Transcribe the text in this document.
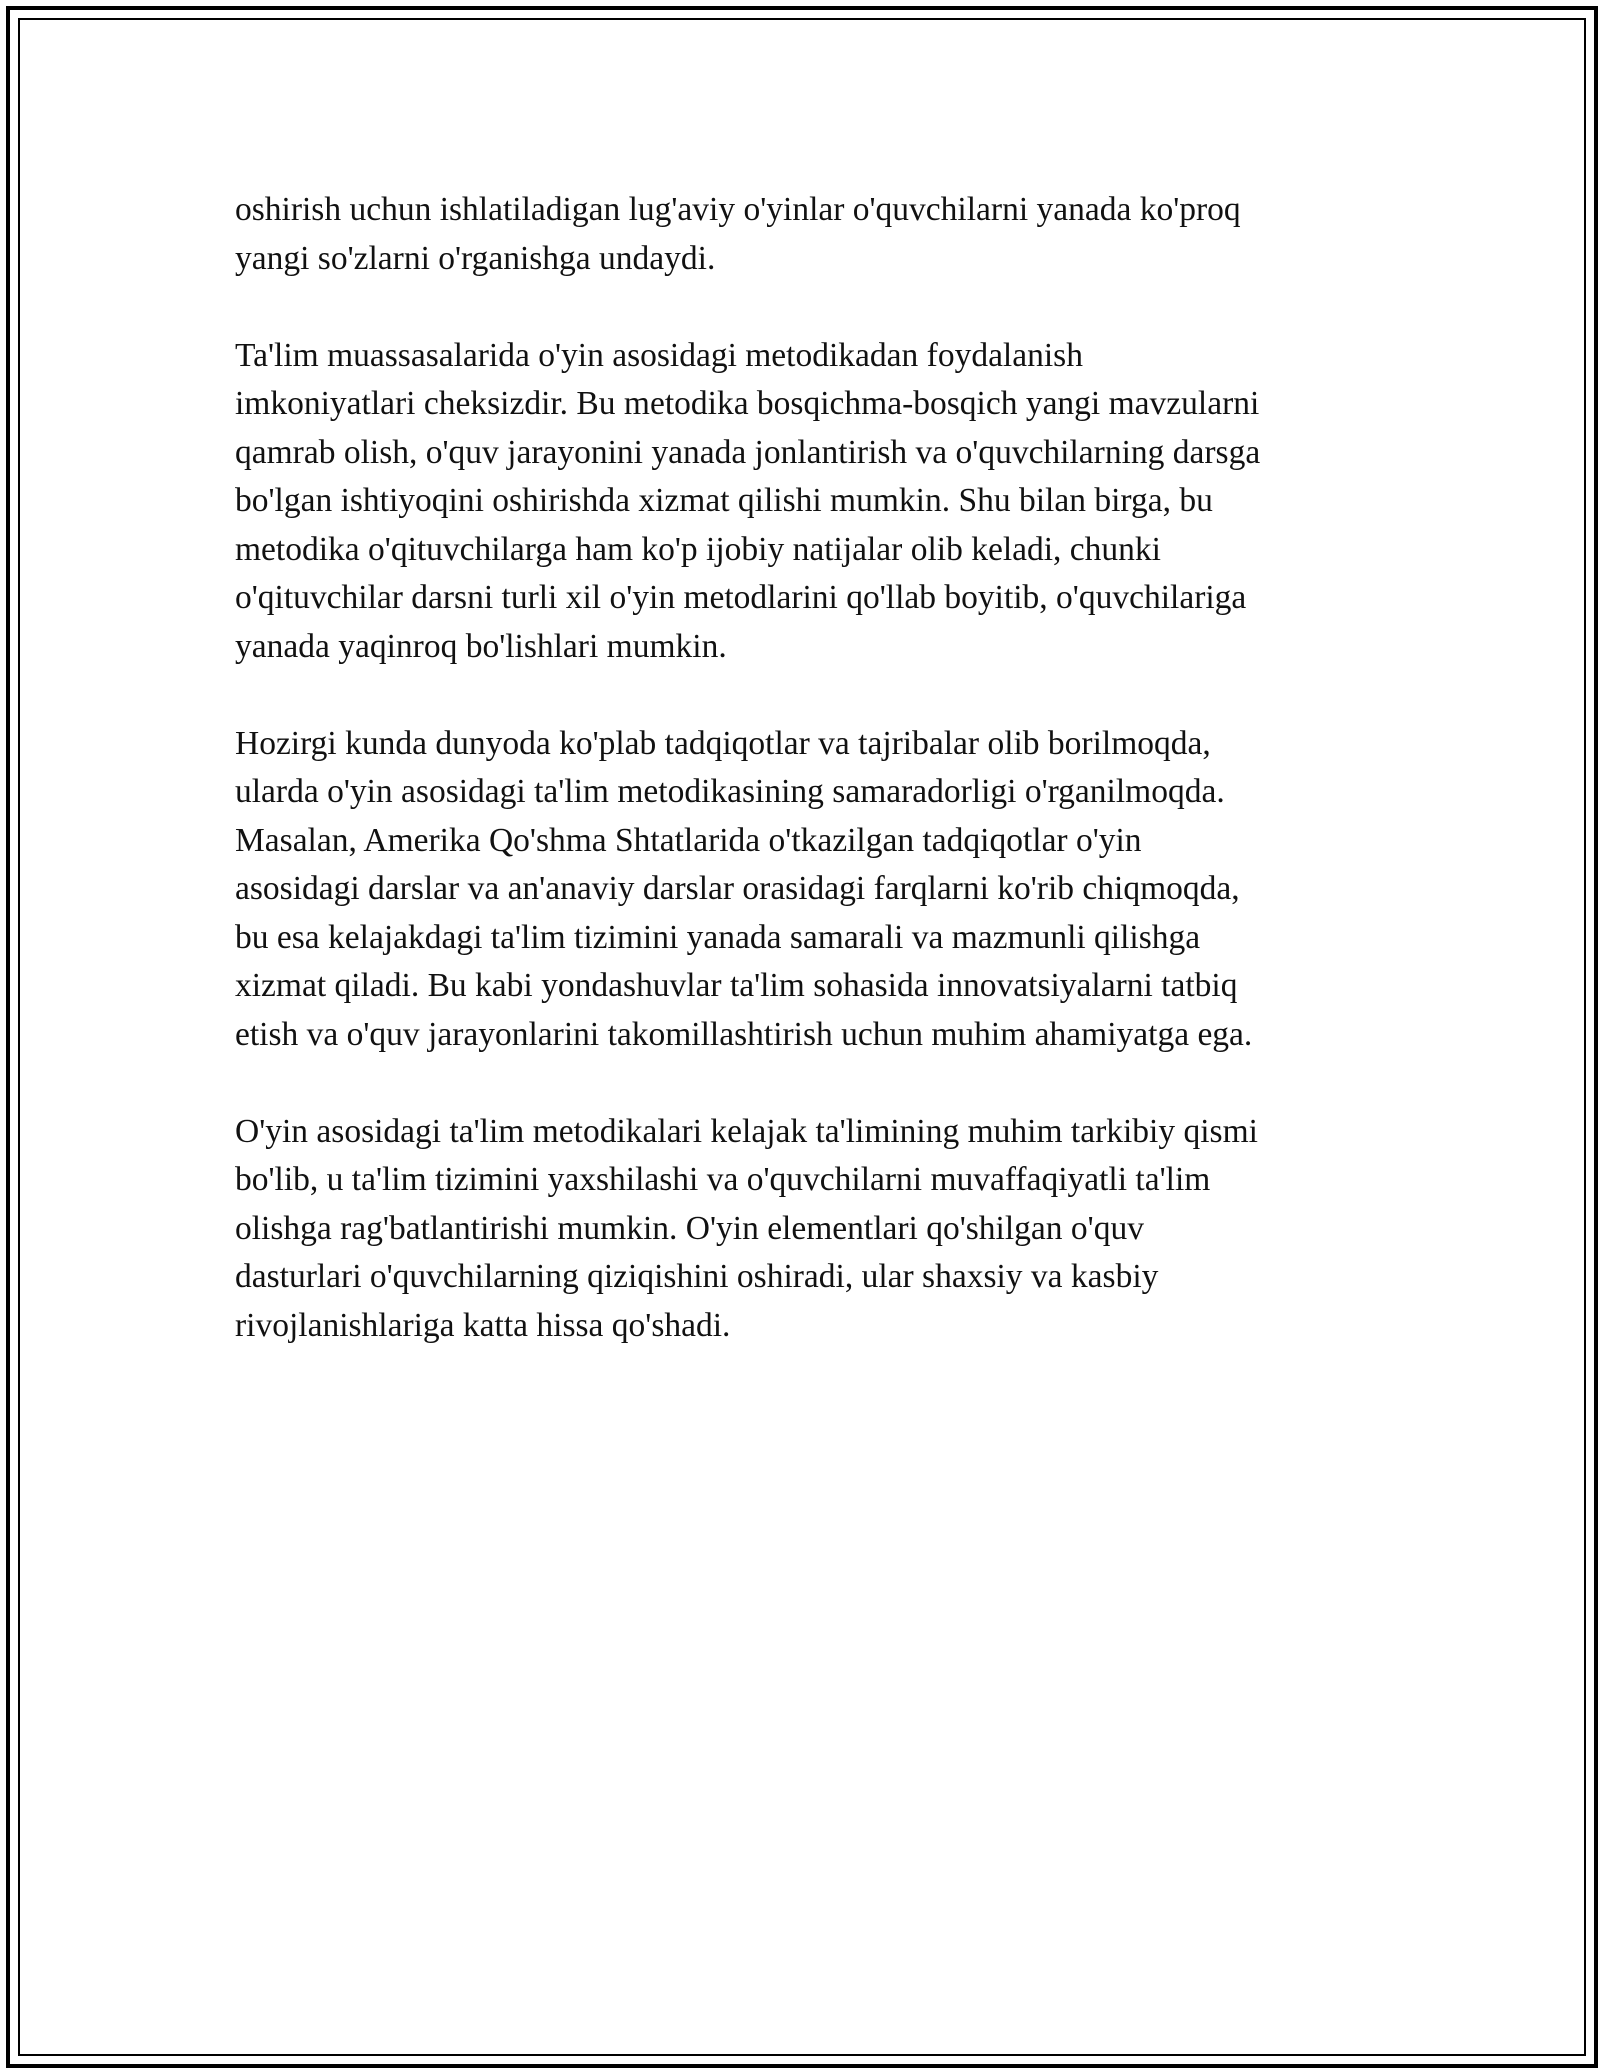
oshirish uchun ishlatiladigan lug'aviy o'yinlar o'quvchilarni yanada ko'proq
yangi so'zlarni o'rganishga undaydi.

Ta'lim muassasalarida o'yin asosidagi metodikadan foydalanish
imkoniyatlari cheksizdir. Bu metodika bosqichma-bosqich yangi mavzularni
qamrab olish, o'quv jarayonini yanada jonlantirish va o'quvchilarning darsga
bo'lgan ishtiyoqini oshirishda xizmat qilishi mumkin. Shu bilan birga, bu
metodika o'qituvchilarga ham ko'p ijobiy natijalar olib keladi, chunki
o'qituvchilar darsni turli xil o'yin metodlarini qo'llab boyitib, o'quvchilariga
yanada yaqinroq bo'lishlari mumkin.

Hozirgi kunda dunyoda ko'plab tadqiqotlar va tajribalar olib borilmoqda,
ularda o'yin asosidagi ta'lim metodikasining samaradorligi o'rganilmoqda.
Masalan, Amerika Qo'shma Shtatlarida o'tkazilgan tadqiqotlar o'yin
asosidagi darslar va an'anaviy darslar orasidagi farqlarni ko'rib chiqmoqda,
bu esa kelajakdagi ta'lim tizimini yanada samarali va mazmunli qilishga
xizmat qiladi. Bu kabi yondashuvlar ta'lim sohasida innovatsiyalarni tatbiq
etish va o'quv jarayonlarini takomillashtirish uchun muhim ahamiyatga ega.

O'yin asosidagi ta'lim metodikalari kelajak ta'limining muhim tarkibiy qismi
bo'lib, u ta'lim tizimini yaxshilashi va o'quvchilarni muvaffaqiyatli ta'lim
olishga rag'batlantirishi mumkin. O'yin elementlari qo'shilgan o'quv
dasturlari o'quvchilarning qiziqishini oshiradi, ular shaxsiy va kasbiy
rivojlanishlariga katta hissa qo'shadi.
